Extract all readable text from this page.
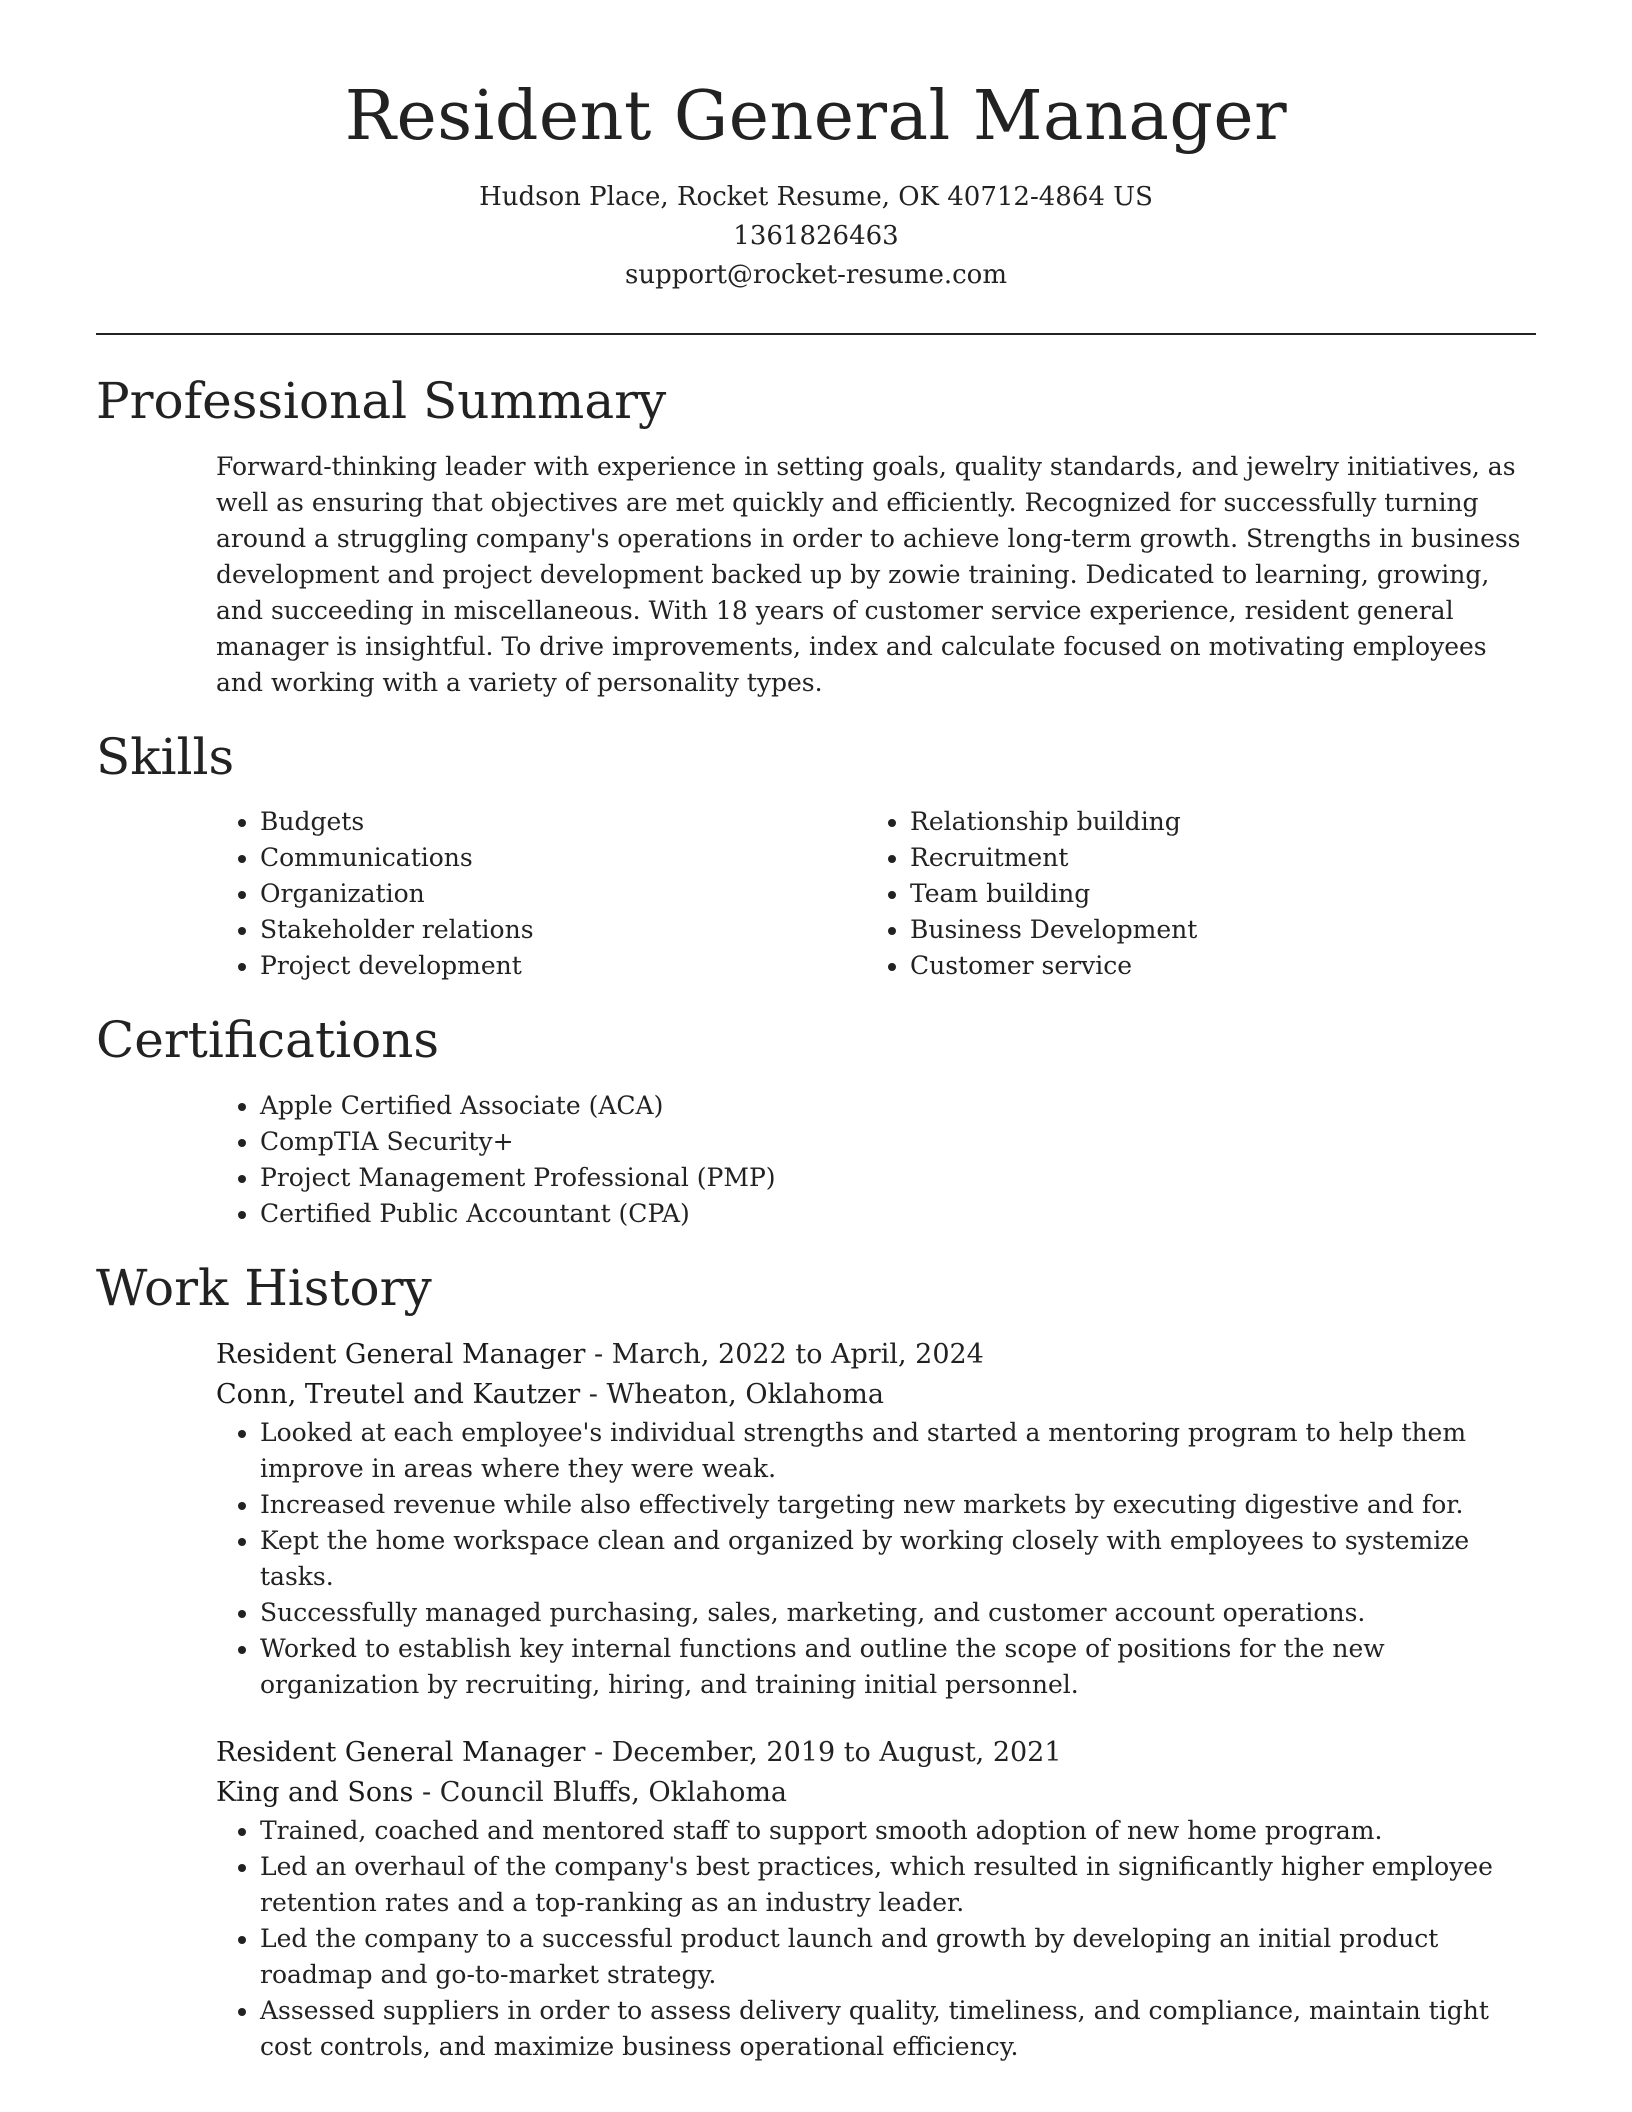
Resident General Manager
Hudson Place, Rocket Resume, OK 40712-4864 US
1361826463
support@rocket-resume.com
Professional Summary

Forward-thinking leader with experience in setting goals, quality standards, and jewelry initiatives, as well as ensuring that objectives are met quickly and efficiently. Recognized for successfully turning around a struggling company's operations in order to achieve long-term growth. Strengths in business development and project development backed up by zowie training. Dedicated to learning, growing, and succeeding in miscellaneous. With 18 years of customer service experience, resident general manager is insightful. To drive improvements, index and calculate focused on motivating employees and working with a variety of personality types.

Skills
• Budgets
• Communications
• Organization
• Stakeholder relations
• Project development
• Relationship building
• Recruitment
• Team building
• Business Development
• Customer service
Certifications
• Apple Certified Associate (ACA)
• CompTIA Security+
• Project Management Professional (PMP)
• Certified Public Accountant (CPA)
Work History
Resident General Manager - March, 2022 to April, 2024
Conn, Treutel and Kautzer - Wheaton, Oklahoma
• Looked at each employee's individual strengths and started a mentoring program to help them improve in areas where they were weak.
• Increased revenue while also effectively targeting new markets by executing digestive and for.
• Kept the home workspace clean and organized by working closely with employees to systemize tasks.
• Successfully managed purchasing, sales, marketing, and customer account operations.
• Worked to establish key internal functions and outline the scope of positions for the new organization by recruiting, hiring, and training initial personnel.
Resident General Manager - December, 2019 to August, 2021
King and Sons - Council Bluffs, Oklahoma
• Trained, coached and mentored staff to support smooth adoption of new home program.
• Led an overhaul of the company's best practices, which resulted in significantly higher employee retention rates and a top-ranking as an industry leader.
• Led the company to a successful product launch and growth by developing an initial product roadmap and go-to-market strategy.
• Assessed suppliers in order to assess delivery quality, timeliness, and compliance, maintain tight cost controls, and maximize business operational efficiency.
